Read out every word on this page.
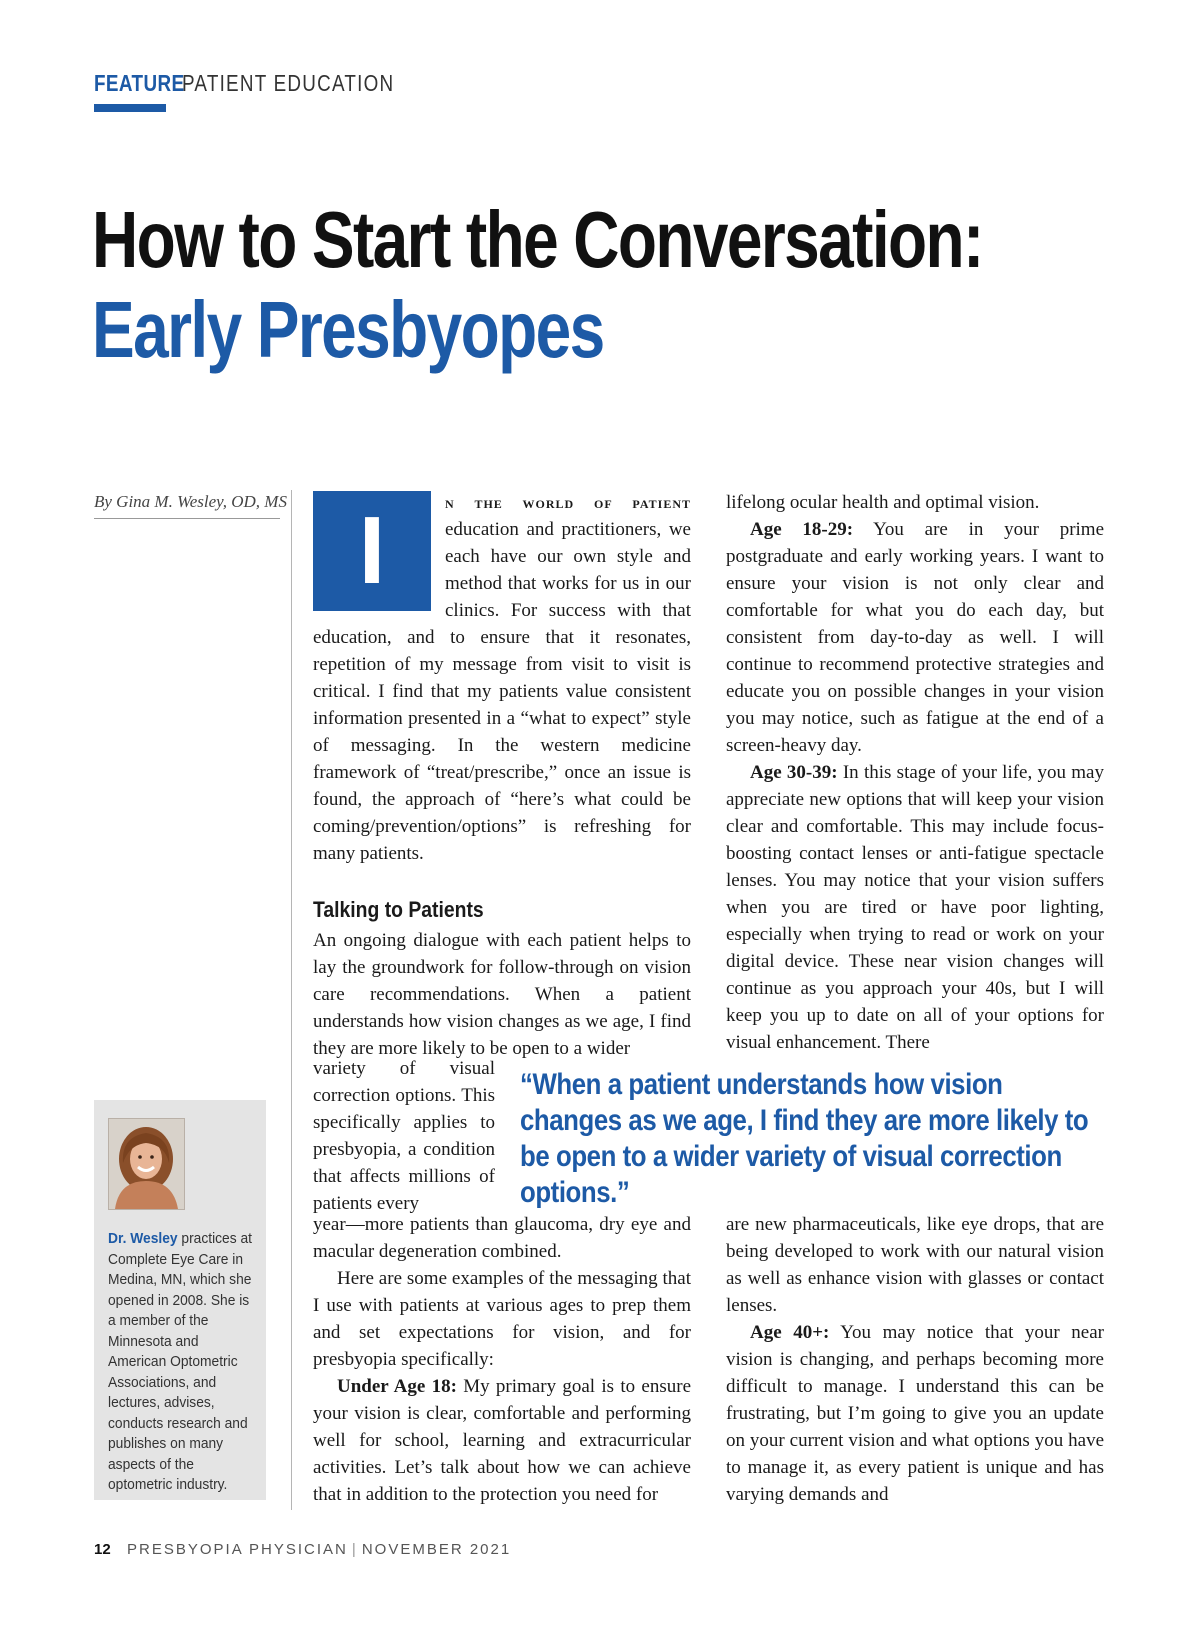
FEATURE
PATIENT EDUCATION
How to Start the Conversation:
Early Presbyopes
By Gina M. Wesley, OD, MS I	n the world of patient education and practitioners, we each have our own style and method that works for us in our clinics. For success with that education, and to ensure that it resonates, repetition of my message from visit to visit is critical. I find that my patients value consistent information presented in a “what to expect” style of messaging. In the western medicine framework of “treat/prescribe,” once an issue is found, the approach of “here’s what could be coming/prevention/options” is refreshing for many patients.

Talking to Patients

An ongoing dialogue with each patient helps to lay the groundwork for follow-through on vision care recommendations. When a patient understands how vision changes as we age, I find they are more likely to be open to a wider

variety of visual correction options. This specifically applies to presbyopia, a condition that affects millions of patients every

year—more patients than glaucoma, dry eye and macular degeneration combined.

Here are some examples of the messaging that I use with patients at various ages to prep them and set expectations for vision, and for presbyopia specifically:

Under Age 18: My primary goal is to ensure your vision is clear, comfortable and performing well for school, learning and extracurricular activities. Let’s talk about how we can achieve that in addition to the protection you need for

lifelong ocular health and optimal vision.

Age 18-29: You are in your prime postgraduate and early working years. I want to ensure your vision is not only clear and comfortable for what you do each day, but consistent from day-to-day as well. I will continue to recommend protective strategies and educate you on possible changes in your vision you may notice, such as fatigue at the end of a screen-heavy day.

Age 30-39: In this stage of your life, you may appreciate new options that will keep your vision clear and comfortable. This may include focus-boosting contact lenses or anti-fatigue spectacle lenses. You may notice that your vision suffers when you are tired or have poor lighting, especially when trying to read or work on your digital device. These near vision changes will continue as you approach your 40s, but I will keep you up to date on all of your options for visual enhancement. There

“When a patient understands how vision changes as we age, I find they are more likely to be open to a wider variety of visual correction options.”

are new pharmaceuticals, like eye drops, that are being developed to work with our natural vision as well as enhance vision with glasses or contact lenses.

Age 40+: You may notice that your near vision is changing, and perhaps becoming more difficult to manage. I understand this can be frustrating, but I’m going to give you an update on your current vision and what options you have to manage it, as every patient is unique and has varying demands and

Dr. Wesley practices at Complete Eye Care in Medina, MN, which she opened in 2008. She is a member of the Minnesota and American Optometric Associations, and lectures, advises, conducts research and publishes on many aspects of the optometric industry.
12 PRESBYOPIA PHYSICIAN | NOVEMBER 2021
